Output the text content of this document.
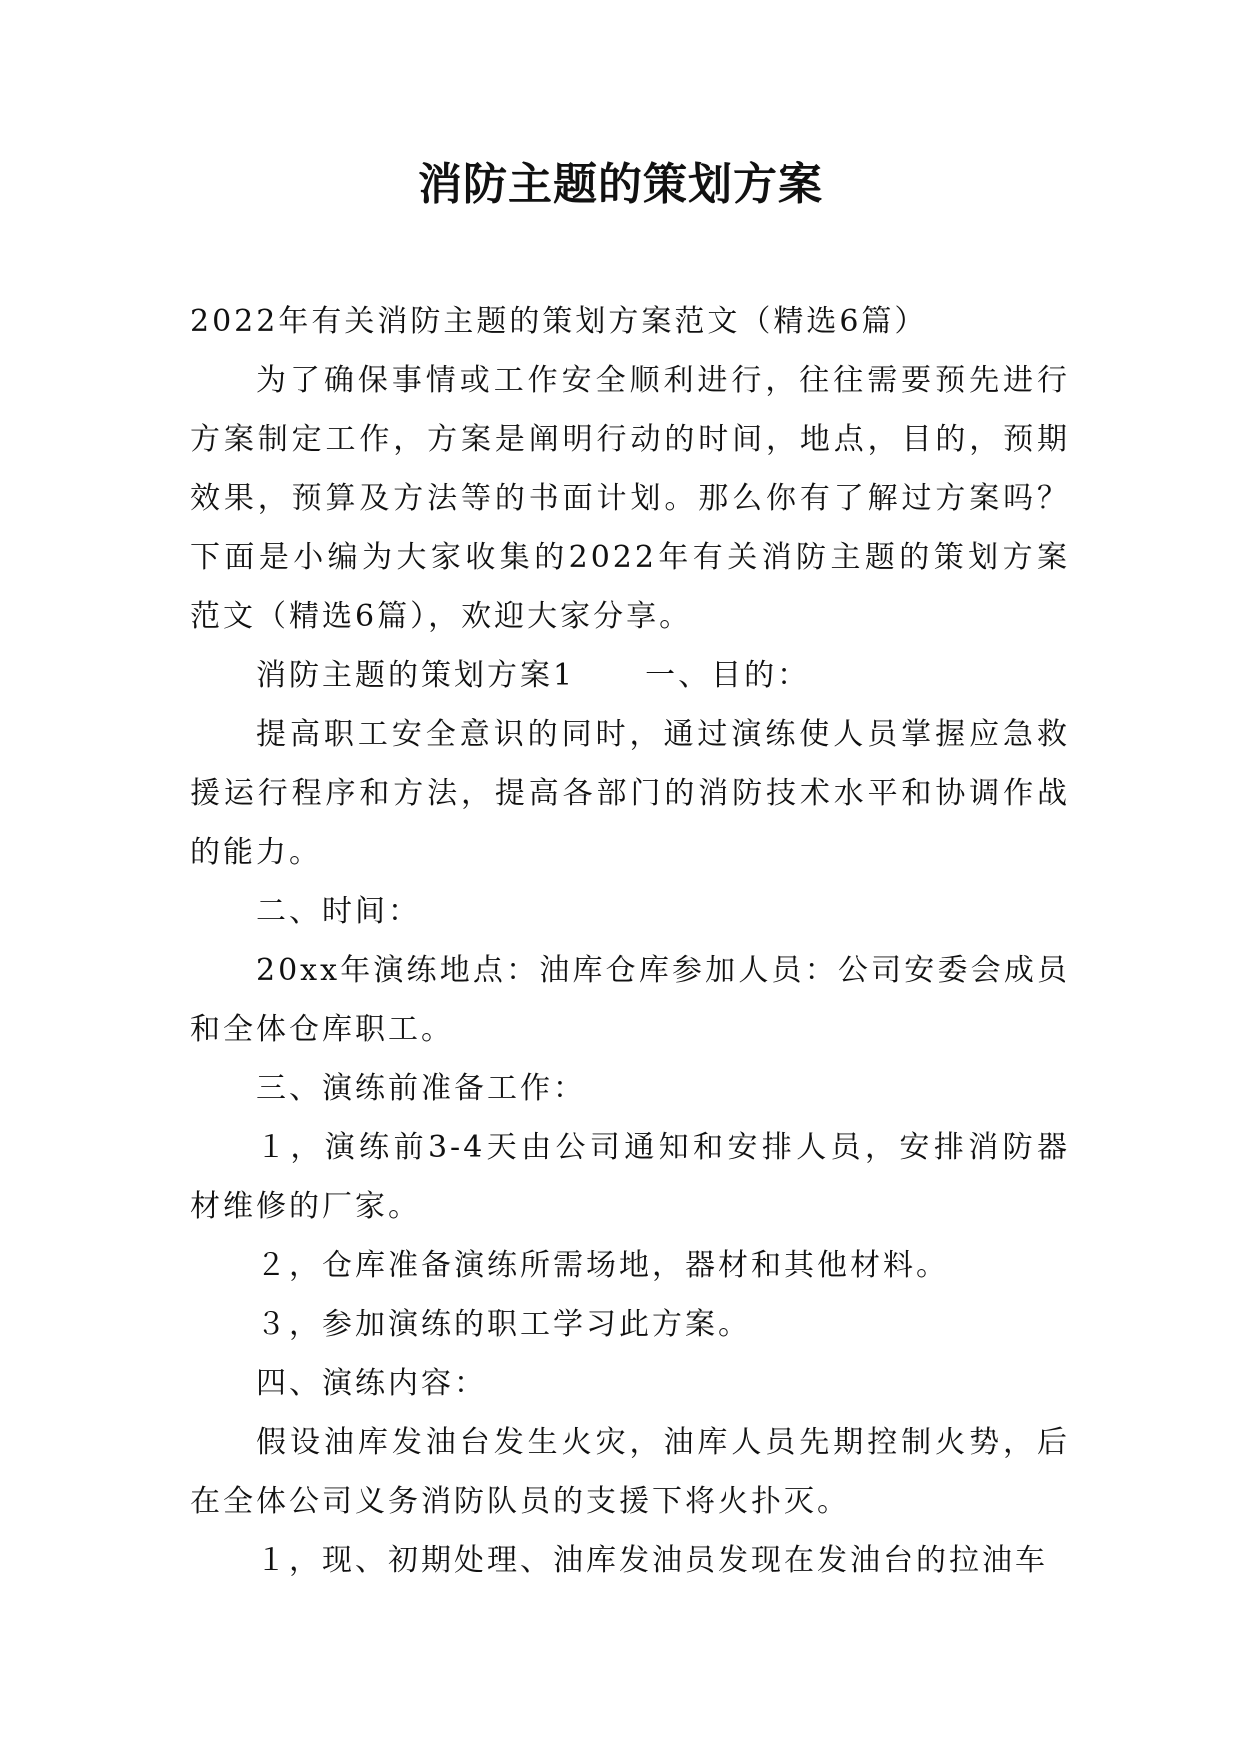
消防主题的策划方案

2022年有关消防主题的策划方案范文（精选6篇）

为了确保事情或工作安全顺利进行，往往需要预先进行方案制定工作，方案是阐明行动的时间，地点，目的，预期效果，预算及方法等的书面计划。那么你有了解过方案吗？下面是小编为大家收集的2022年有关消防主题的策划方案范文（精选6篇），欢迎大家分享。

消防主题的策划方案1 一、目的：

提高职工安全意识的同时，通过演练使人员掌握应急救援运行程序和方法，提高各部门的消防技术水平和协调作战的能力。

二、时间：

20xx年演练地点：油库仓库参加人员：公司安委会成员和全体仓库职工。

三、演练前准备工作：

１，演练前3-4天由公司通知和安排人员，安排消防器材维修的厂家。

２，仓库准备演练所需场地，器材和其他材料。

３，参加演练的职工学习此方案。

四、演练内容：

假设油库发油台发生火灾，油库人员先期控制火势，后在全体公司义务消防队员的支援下将火扑灭。

１，现、初期处理、油库发油员发现在发油台的拉油车
